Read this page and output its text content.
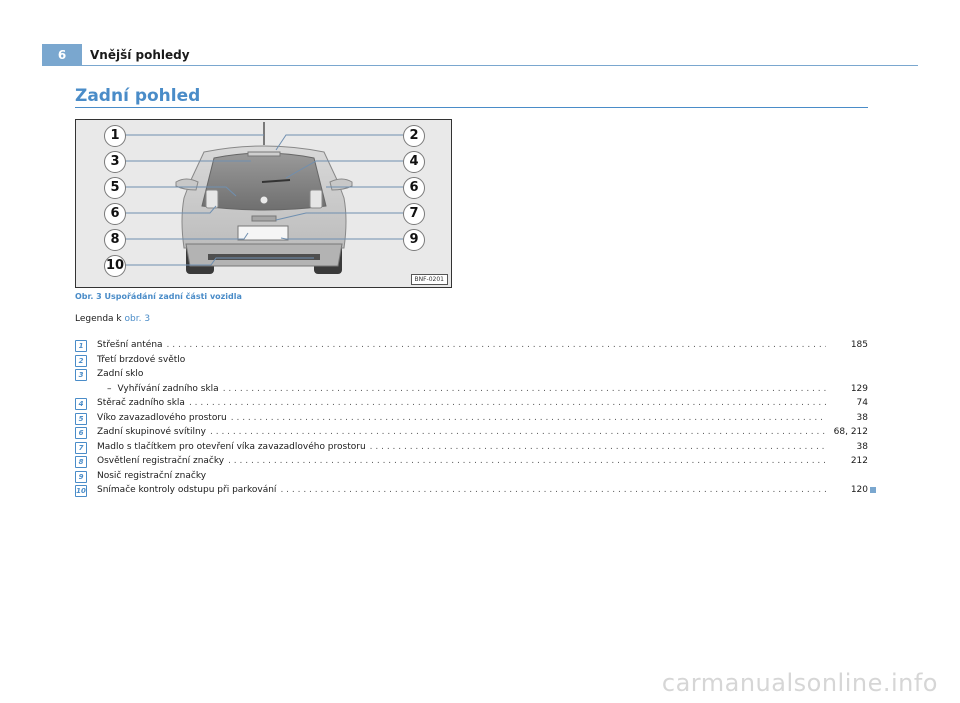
6	Vnější pohledy
Zadní pohled
1	2
3	4
5	6
6	7
8	9
10
BNF-0201
Obr. 3 Uspořádání zadní části vozidla
Legenda k obr. 3
1	Střešní anténa . . .	185
2	Třetí brzdové světlo
3	Zadní sklo
– Vyhřívání zadního skla . . .	129
4	Stěrač zadního skla . . .	74
5	Víko zavazadlového prostoru . . .	38
6	Zadní skupinové svítilny . . .	68, 212
7	Madlo s tlačítkem pro otevření víka zavazadlového prostoru . . .	38
8	Osvětlení registrační značky . . .	212
9	Nosič registrační značky
10 Snímače kontroly odstupu při parkování . . .	120
carmanualsonline.info
